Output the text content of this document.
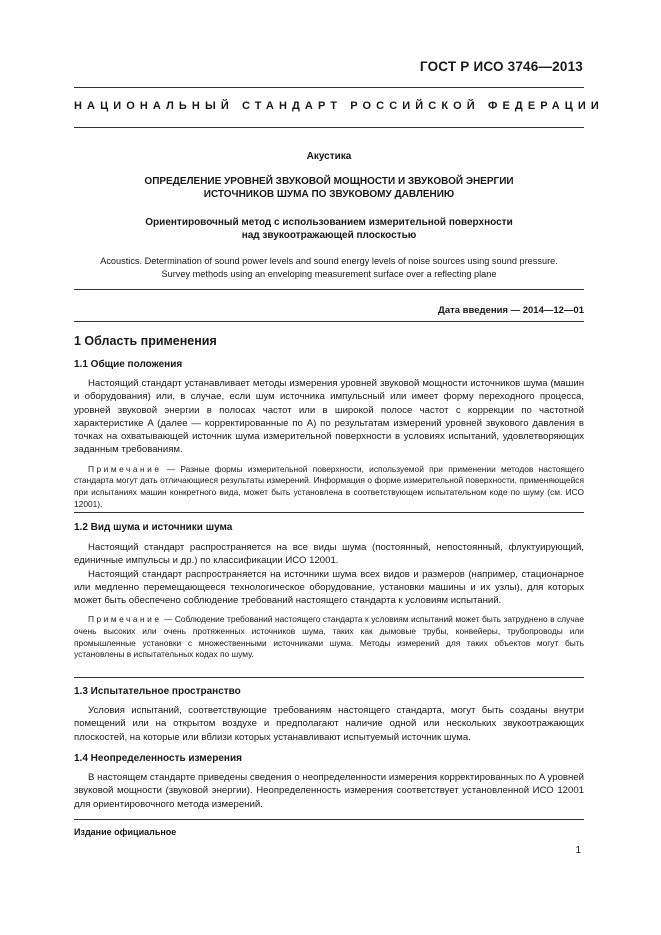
ГОСТ Р ИСО 3746—2013
НАЦИОНАЛЬНЫЙ СТАНДАРТ РОССИЙСКОЙ ФЕДЕРАЦИИ
Акустика
ОПРЕДЕЛЕНИЕ УРОВНЕЙ ЗВУКОВОЙ МОЩНОСТИ И ЗВУКОВОЙ ЭНЕРГИИ
ИСТОЧНИКОВ ШУМА ПО ЗВУКОВОМУ ДАВЛЕНИЮ
Ориентировочный метод с использованием измерительной поверхности
над звукоотражающей плоскостью
Acoustics. Determination of sound power levels and sound energy levels of noise sources using sound pressure.
Survey methods using an enveloping measurement surface over a reflecting plane
Дата введения — 2014—12—01
1 Область применения
1.1 Общие положения

Настоящий стандарт устанавливает методы измерения уровней звуковой мощности источников шума (машин и оборудования) или, в случае, если шум источника импульсный или имеет форму переходного процесса, уровней звуковой энергии в полосах частот или в широкой полосе частот с коррекции по частотной характеристике A (далее — корректированные по A) по результатам измерений уровней звукового давления в точках на охватывающей источник шума измерительной поверхности в условиях испытаний, удовлетворяющих заданным требованиям.

Примечание — Разные формы измерительной поверхности, используемой при применении методов настоящего стандарта могут дать отличающиеся результаты измерений. Информация о форме измерительной поверхности, применяющейся при испытаниях машин конкретного вида, может быть установлена в соответствующем испытательном коде по шуму (см. ИСО 12001).

1.2 Вид шума и источники шума

Настоящий стандарт распространяется на все виды шума (постоянный, непостоянный, флуктуирующий, единичные импульсы и др.) по классификации ИСО 12001.

Настоящий стандарт распространяется на источники шума всех видов и размеров (например, стационарное или медленно перемещающееся технологическое оборудование, установки машины и их узлы), для которых может быть обеспечено соблюдение требований настоящего стандарта к условиям испытаний.

Примечание — Соблюдение требований настоящего стандарта к условиям испытаний может быть затруднено в случае очень высоких или очень протяженных источников шума, таких как дымовые трубы, конвейеры, трубопроводы или промышленные установки с множественными источниками шума. Методы измерений для таких объектов могут быть установлены в испытательных кодах по шуму.

1.3 Испытательное пространство

Условия испытаний, соответствующие требованиям настоящего стандарта, могут быть созданы внутри помещений или на открытом воздухе и предполагают наличие одной или нескольких звукоотражающих плоскостей, на которые или вблизи которых устанавливают испытуемый источник шума.

1.4 Неопределенность измерения

В настоящем стандарте приведены сведения о неопределенности измерения корректированных по A уровней звуковой мощности (звуковой энергии). Неопределенность измерения соответствует установленной ИСО 12001 для ориентировочного метода измерений.

Издание официальное
1
